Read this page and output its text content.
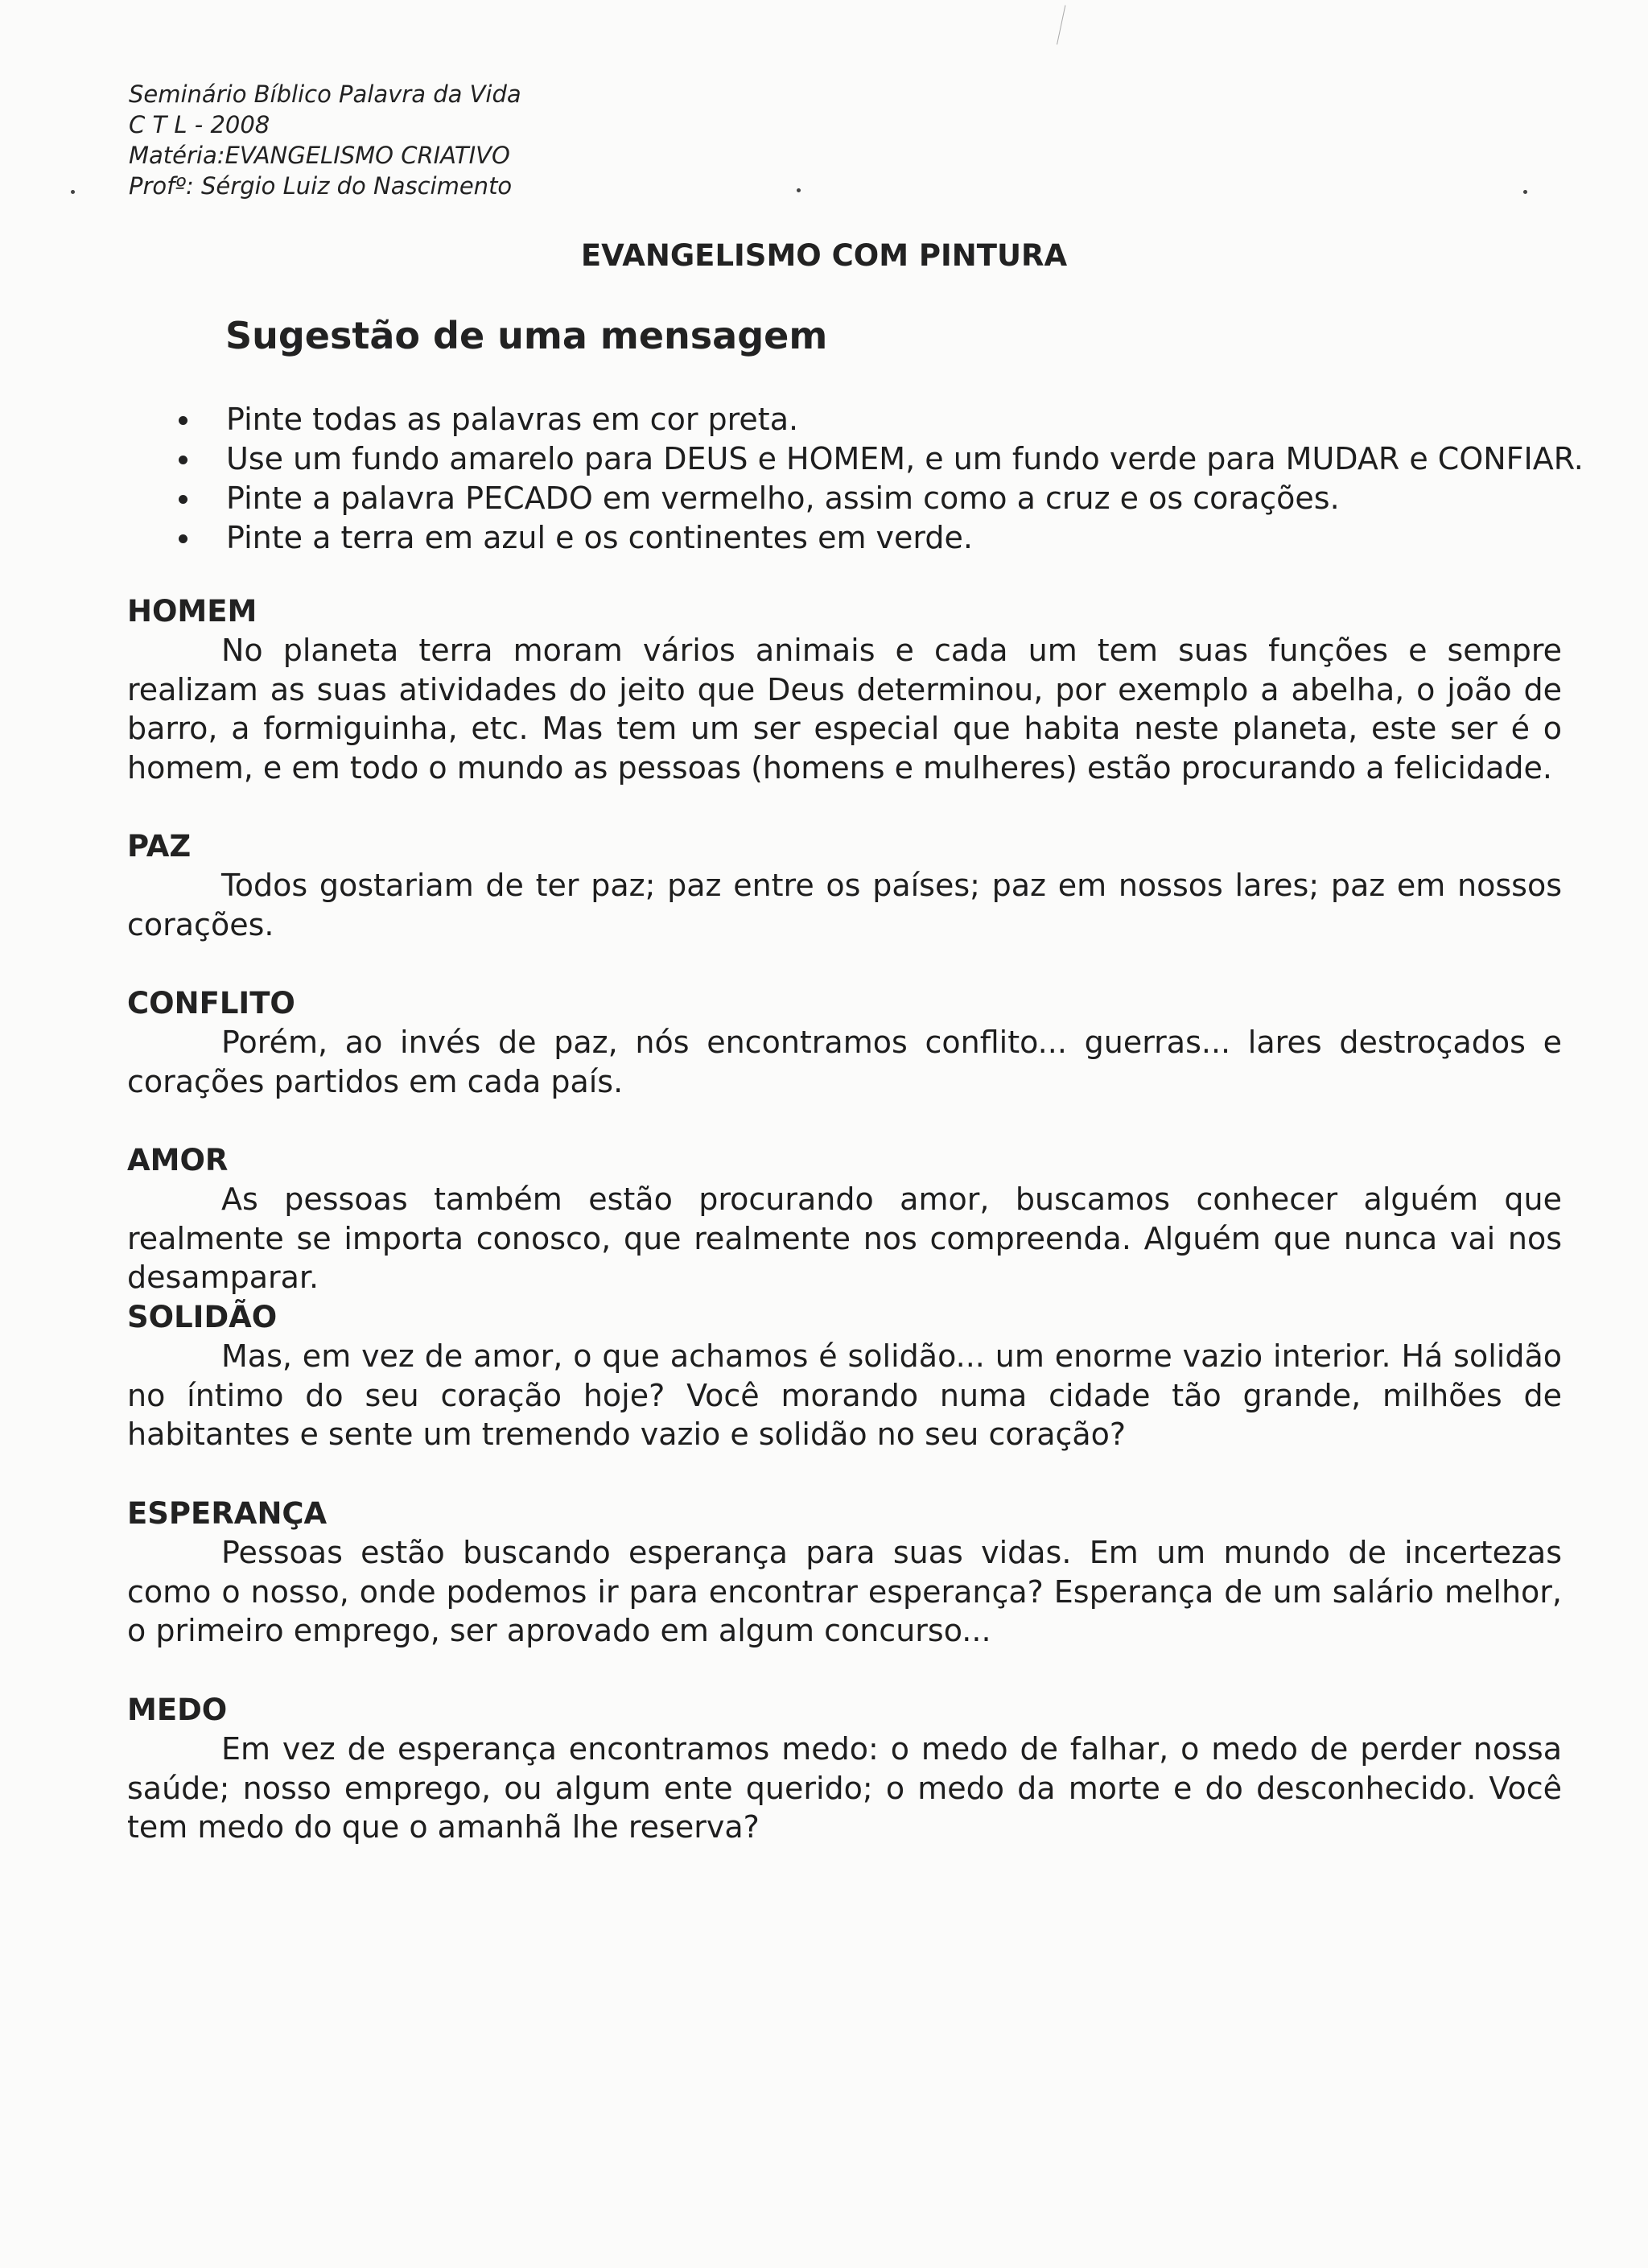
Seminário Bíblico Palavra da Vida
C T L - 2008
Matéria:EVANGELISMO CRIATIVO
Profº: Sérgio Luiz do Nascimento
EVANGELISMO COM PINTURA
Sugestão de uma mensagem
Pinte todas as palavras em cor preta.
Use um fundo amarelo para DEUS e HOMEM, e um fundo verde para MUDAR e CONFIAR.
Pinte a palavra PECADO em vermelho, assim como a cruz e os corações.
Pinte a terra em azul e os continentes em verde.
HOMEM

No planeta terra moram vários animais e cada um tem suas funções e sempre realizam as suas atividades do jeito que Deus determinou, por exemplo a abelha, o joão de barro, a formiguinha, etc. Mas tem um ser especial que habita neste planeta, este ser é o homem, e em todo o mundo as pessoas (homens e mulheres) estão procurando a felicidade.

PAZ

Todos gostariam de ter paz; paz entre os países; paz em nossos lares; paz em nossos corações.

CONFLITO

Porém, ao invés de paz, nós encontramos conflito... guerras... lares destroçados e corações partidos em cada país.

AMOR

As pessoas também estão procurando amor, buscamos conhecer alguém que realmente se importa conosco, que realmente nos compreenda. Alguém que nunca vai nos desamparar.

SOLIDÃO

Mas, em vez de amor, o que achamos é solidão... um enorme vazio interior. Há solidão no íntimo do seu coração hoje? Você morando numa cidade tão grande, milhões de habitantes e sente um tremendo vazio e solidão no seu coração?

ESPERANÇA

Pessoas estão buscando esperança para suas vidas. Em um mundo de incertezas como o nosso, onde podemos ir para encontrar esperança? Esperança de um salário melhor, o primeiro emprego, ser aprovado em algum concurso...

MEDO

Em vez de esperança encontramos medo: o medo de falhar, o medo de perder nossa saúde; nosso emprego, ou algum ente querido; o medo da morte e do desconhecido. Você tem medo do que o amanhã lhe reserva?
